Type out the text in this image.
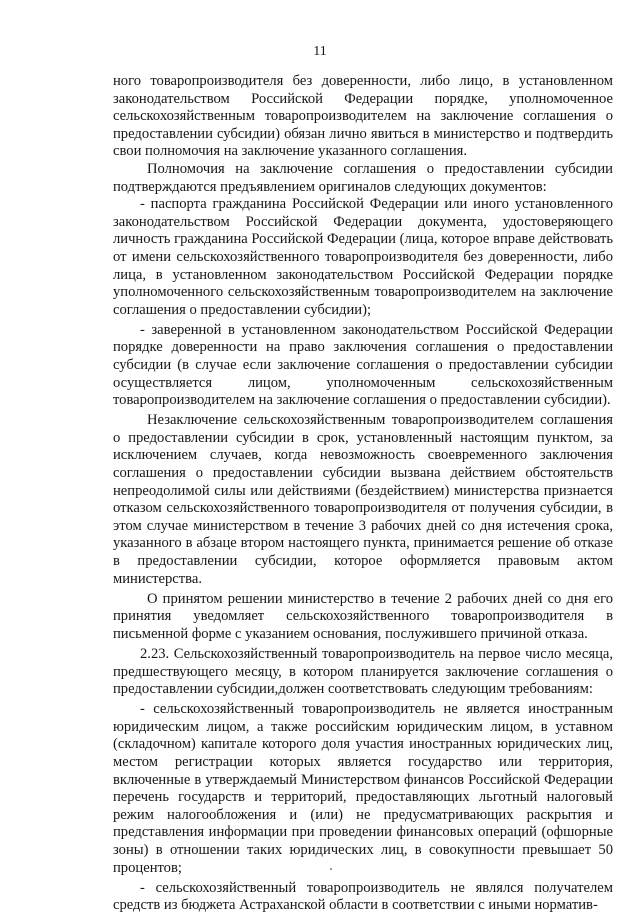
11

ного товаропроизводителя без доверенности, либо лицо, в установленном законодательством Российской Федерации порядке, уполномоченное сельскохозяйственным товаропроизводителем на заключение соглашения о предоставлении субсидии) обязан лично явиться в министерство и подтвердить свои полномочия на заключение указанного соглашения.

Полномочия на заключение соглашения о предоставлении субсидии подтверждаются предъявлением оригиналов следующих документов:

- паспорта гражданина Российской Федерации или иного установленного законодательством Российской Федерации документа, удостоверяющего личность гражданина Российской Федерации (лица, которое вправе действовать от имени сельскохозяйственного товаропроизводителя без доверенности, либо лица, в установленном законодательством Российской Федерации порядке уполномоченного сельскохозяйственным товаропроизводителем на заключение соглашения о предоставлении субсидии);

- заверенной в установленном законодательством Российской Федерации порядке доверенности на право заключения соглашения о предоставлении субсидии (в случае если заключение соглашения о предоставлении субсидии осуществляется лицом, уполномоченным сельскохозяйственным товаропроизводителем на заключение соглашения о предоставлении субсидии).

Незаключение сельскохозяйственным товаропроизводителем соглашения о предоставлении субсидии в срок, установленный настоящим пунктом, за исключением случаев, когда невозможность своевременного заключения соглашения о предоставлении субсидии вызвана действием обстоятельств непреодолимой силы или действиями (бездействием) министерства признается отказом сельскохозяйственного товаропроизводителя от получения субсидии, в этом случае министерством в течение 3 рабочих дней со дня истечения срока, указанного в абзаце втором настоящего пункта, принимается решение об отказе в предоставлении субсидии, которое оформляется правовым актом министерства.

О принятом решении министерство в течение 2 рабочих дней со дня его принятия уведомляет сельскохозяйственного товаропроизводителя в письменной форме с указанием основания, послужившего причиной отказа.

2.23. Сельскохозяйственный товаропроизводитель на первое число месяца, предшествующего месяцу, в котором планируется заключение соглашения о предоставлении субсидии,должен соответствовать следующим требованиям:

- сельскохозяйственный товаропроизводитель не является иностранным юридическим лицом, а также российским юридическим лицом, в уставном (складочном) капитале которого доля участия иностранных юридических лиц, местом регистрации которых является государство или территория, включенные в утверждаемый Министерством финансов Российской Федерации перечень государств и территорий, предоставляющих льготный налоговый режим налогообложения и (или) не предусматривающих раскрытия и представления информации при проведении финансовых операций (офшорные зоны) в отношении таких юридических лиц, в совокупности превышает 50 процентов;

- сельскохозяйственный товаропроизводитель не являлся получателем средств из бюджета Астраханской области в соответствии с иными норматив-
